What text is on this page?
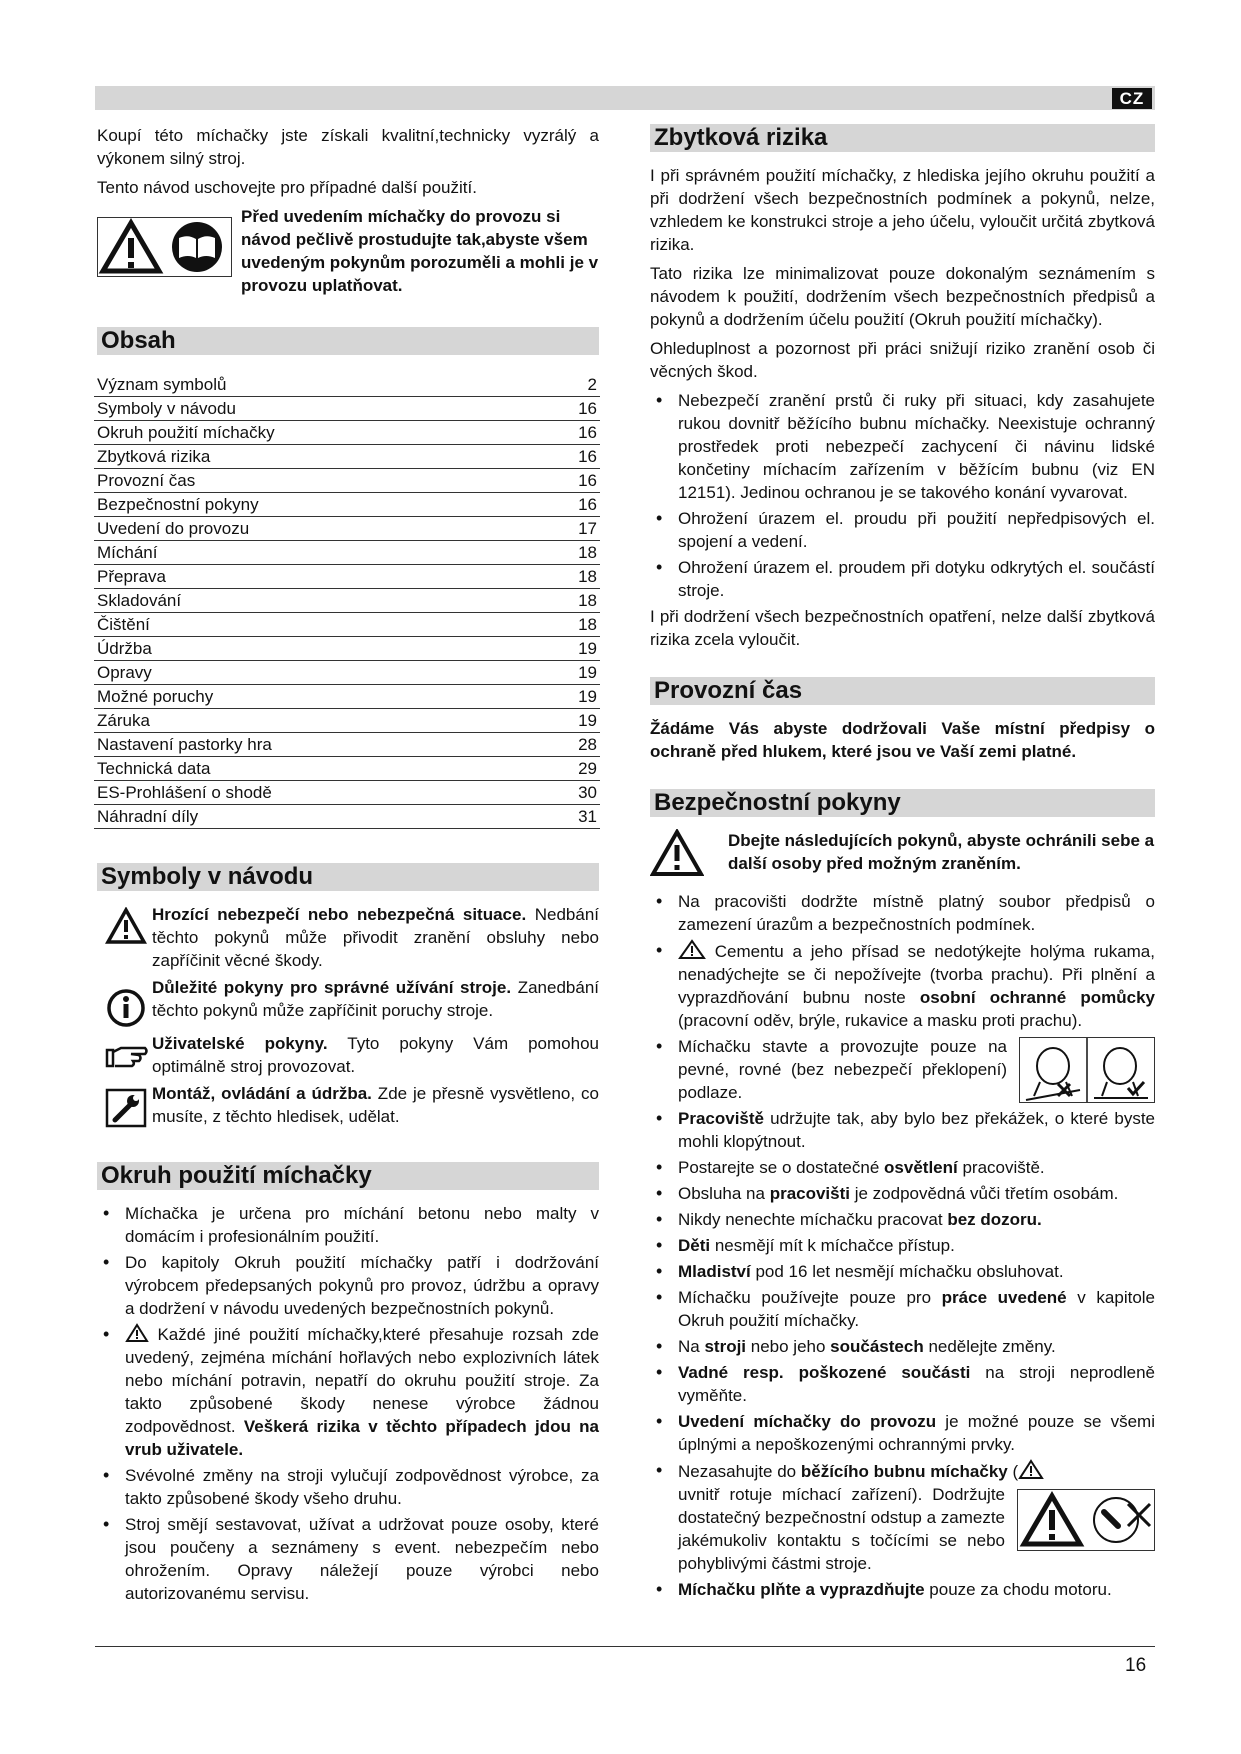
CZ

Koupí této míchačky jste získali kvalitní,technicky vyzrálý a výkonem silný stroj.

Tento návod uschovejte pro případné další použití.

Před uvedením míchačky do provozu si návod pečlivě prostudujte tak,abyste všem uvedeným pokynům porozuměli a mohli je v provozu uplatňovat.
Obsah
Význam symbolů	2
Symboly v návodu	16
Okruh použití míchačky	16
Zbytková rizika	16
Provozní čas	16
Bezpečnostní pokyny	16
Uvedení do provozu	17
Míchání	18
Přeprava	18
Skladování	18
Čištění	18
Údržba	19
Opravy	19
Možné poruchy	19
Záruka	19
Nastavení pastorky hra	28
Technická data	29
ES-Prohlášení o shodě	30
Náhradní díly	31
Symboly v návodu
Hrozící nebezpečí nebo nebezpečná situace. Nedbání těchto pokynů může přivodit zranění obsluhy nebo zapříčinit věcné škody.
Důležité pokyny pro správné užívání stroje. Zanedbání těchto pokynů může zapříčinit poruchy stroje.
Uživatelské pokyny. Tyto pokyny Vám pomohou optimálně stroj provozovat.
Montáž, ovládání a údržba. Zde je přesně vysvětleno, co musíte, z těchto hledisek, udělat.
Okruh použití míchačky
• Míchačka je určena pro míchání betonu nebo malty v domácím i profesionálním použití.
• Do kapitoly Okruh použití míchačky patří i dodržování výrobcem předepsaných pokynů pro provoz, údržbu a opravy a dodržení v návodu uvedených bezpečnostních pokynů.
• Každé jiné použití míchačky,které přesahuje rozsah zde uvedený, zejména míchání hořlavých nebo explozivních látek nebo míchání potravin, nepatří do okruhu použití stroje. Za takto způsobené škody nenese výrobce žádnou zodpovědnost. Veškerá rizika v těchto případech jdou na vrub uživatele.
• Svévolné změny na stroji vylučují zodpovědnost výrobce, za takto způsobené škody všeho druhu.
• Stroj smějí sestavovat, užívat a udržovat pouze osoby, které jsou poučeny a seznámeny s event. nebezpečím nebo ohrožením. Opravy náležejí pouze výrobci nebo autorizovanému servisu.
Zbytková rizika

I při správném použití míchačky, z hlediska jejího okruhu použití a při dodržení všech bezpečnostních podmínek a pokynů, nelze, vzhledem ke konstrukci stroje a jeho účelu, vyloučit určitá zbytková rizika.

Tato rizika lze minimalizovat pouze dokonalým seznámením s návodem k použití, dodržením všech bezpečnostních předpisů a pokynů a dodržením účelu použití (Okruh použití míchačky).

Ohleduplnost a pozornost při práci snižují riziko zranění osob či věcných škod.

• Nebezpečí zranění prstů či ruky při situaci, kdy zasahujete rukou dovnitř běžícího bubnu míchačky. Neexistuje ochranný prostředek proti nebezpečí zachycení či návinu lidské končetiny míchacím zařízením v běžícím bubnu (viz EN 12151). Jedinou ochranou je se takového konání vyvarovat.
• Ohrožení úrazem el. proudu při použití nepředpisových el. spojení a vedení.
• Ohrožení úrazem el. proudem při dotyku odkrytých el. součástí stroje.

I při dodržení všech bezpečnostních opatření, nelze další zbytková rizika zcela vyloučit.

Provozní čas

Žádáme Vás abyste dodržovali Vaše místní předpisy o ochraně před hlukem, které jsou ve Vaší zemi platné.

Bezpečnostní pokyny
Dbejte následujících pokynů, abyste ochránili sebe a další osoby před možným zraněním.
• Na pracovišti dodržte místně platný soubor předpisů o zamezení úrazům a bezpečnostních podmínek.
• Cementu a jeho přísad se nedotýkejte holýma rukama, nenadýchejte se či nepožívejte (tvorba prachu). Při plnění a vyprazdňování bubnu noste osobní ochranné pomůcky (pracovní oděv, brýle, rukavice a masku proti prachu).
• Míchačku stavte a provozujte pouze na pevné, rovné (bez nebezpečí překlopení) podlaze.
• Pracoviště udržujte tak, aby bylo bez překážek, o které byste mohli klopýtnout.
• Postarejte se o dostatečné osvětlení pracoviště.
• Obsluha na pracovišti je zodpovědná vůči třetím osobám.
• Nikdy nenechte míchačku pracovat bez dozoru.
• Děti nesmějí mít k míchačce přístup.
• Mladiství pod 16 let nesmějí míchačku obsluhovat.
• Míchačku používejte pouze pro práce uvedené v kapitole Okruh použití míchačky.
• Na stroji nebo jeho součástech nedělejte změny.
• Vadné resp. poškozené součásti na stroji neprodleně vyměňte.
• Uvedení míchačky do provozu je možné pouze se všemi úplnými a nepoškozenými ochrannými prvky.
• Nezasahujte do běžícího bubnu míchačky (
uvnitř rotuje míchací zařízení). Dodržujte dostatečný bezpečnostní odstup a zamezte jakémukoliv kontaktu s točícími se nebo pohyblivými částmi stroje.
• Míchačku plňte a vyprazdňujte pouze za chodu motoru.
16
